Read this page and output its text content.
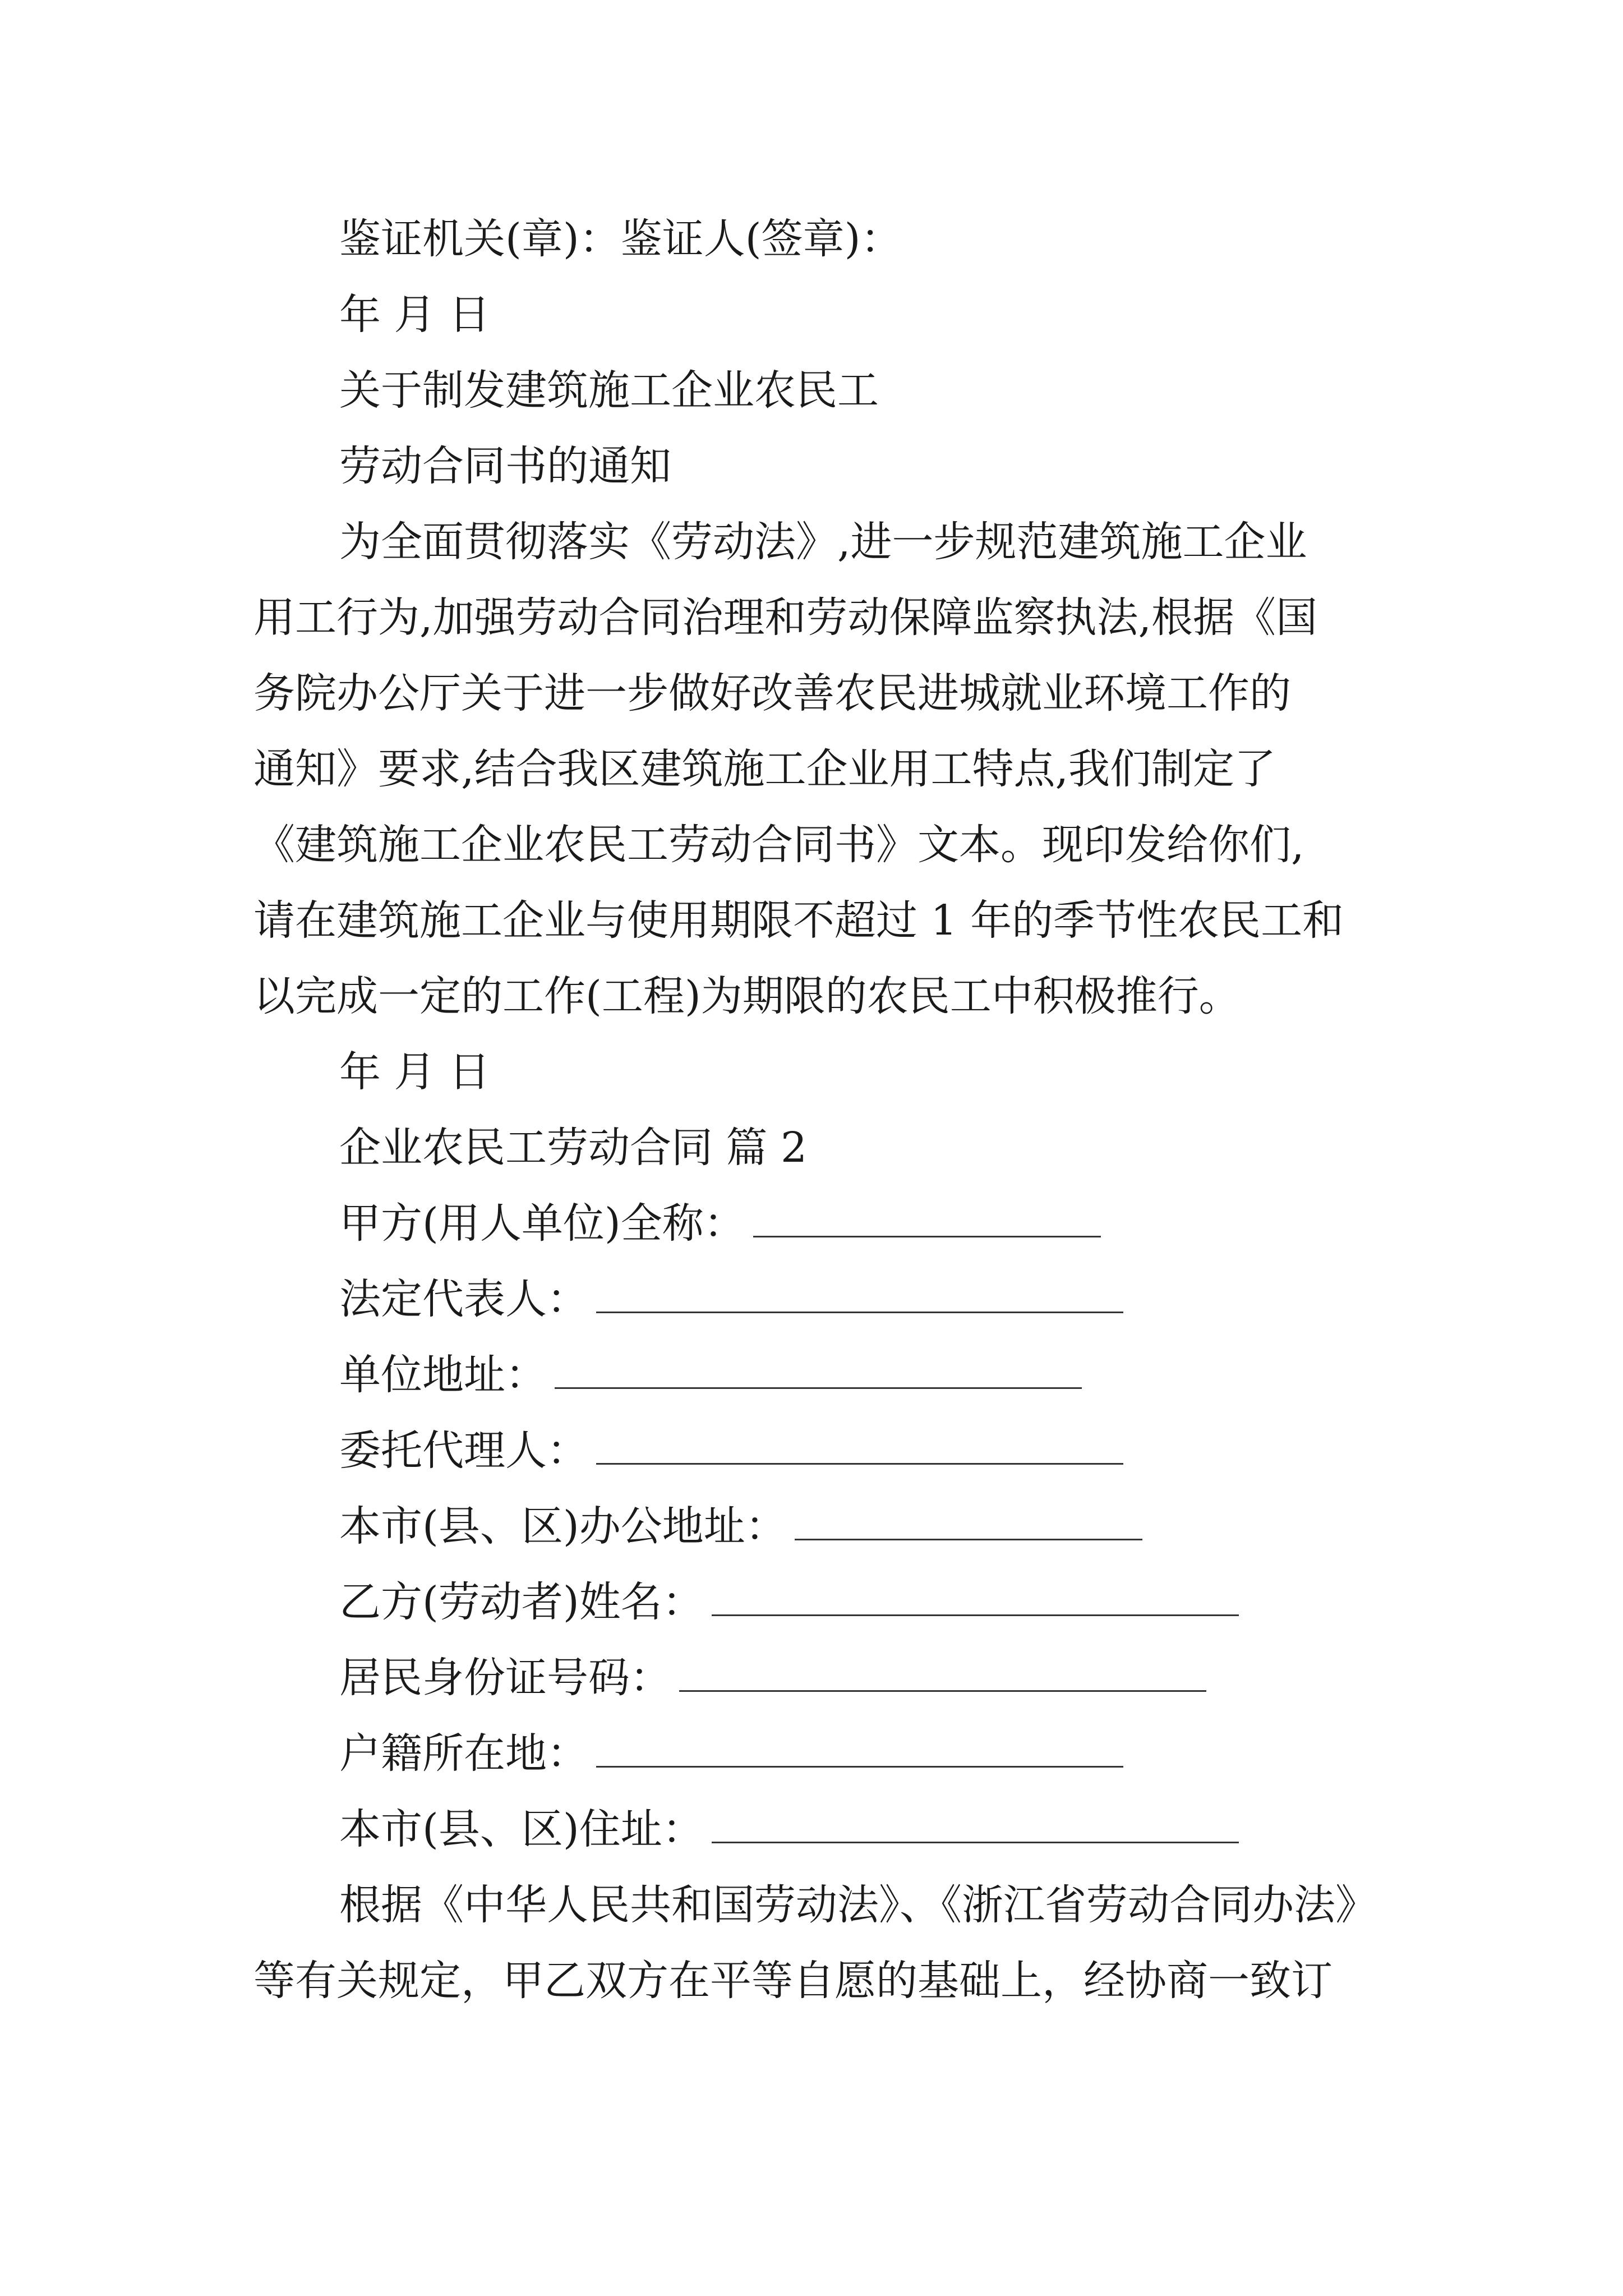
鉴证机关(章)：鉴证人(签章)：
年 月 日
关于制发建筑施工企业农民工
劳动合同书的通知
为全面贯彻落实《劳动法》,进一步规范建筑施工企业
用工行为,加强劳动合同治理和劳动保障监察执法,根据《国
务院办公厅关于进一步做好改善农民进城就业环境工作的
通知》要求,结合我区建筑施工企业用工特点,我们制定了
《建筑施工企业农民工劳动合同书》文本。现印发给你们,
请在建筑施工企业与使用期限不超过 1 年的季节性农民工和
以完成一定的工作(工程)为期限的农民工中积极推行。
年 月 日
企业农民工劳动合同 篇 2
甲方(用人单位)全称：
法定代表人：
单位地址：
委托代理人：
本市(县、区)办公地址：
乙方(劳动者)姓名：
居民身份证号码：
户籍所在地：
本市(县、区)住址：
根据《中华人民共和国劳动法》、《浙江省劳动合同办法》
等有关规定，甲乙双方在平等自愿的基础上，经协商一致订
